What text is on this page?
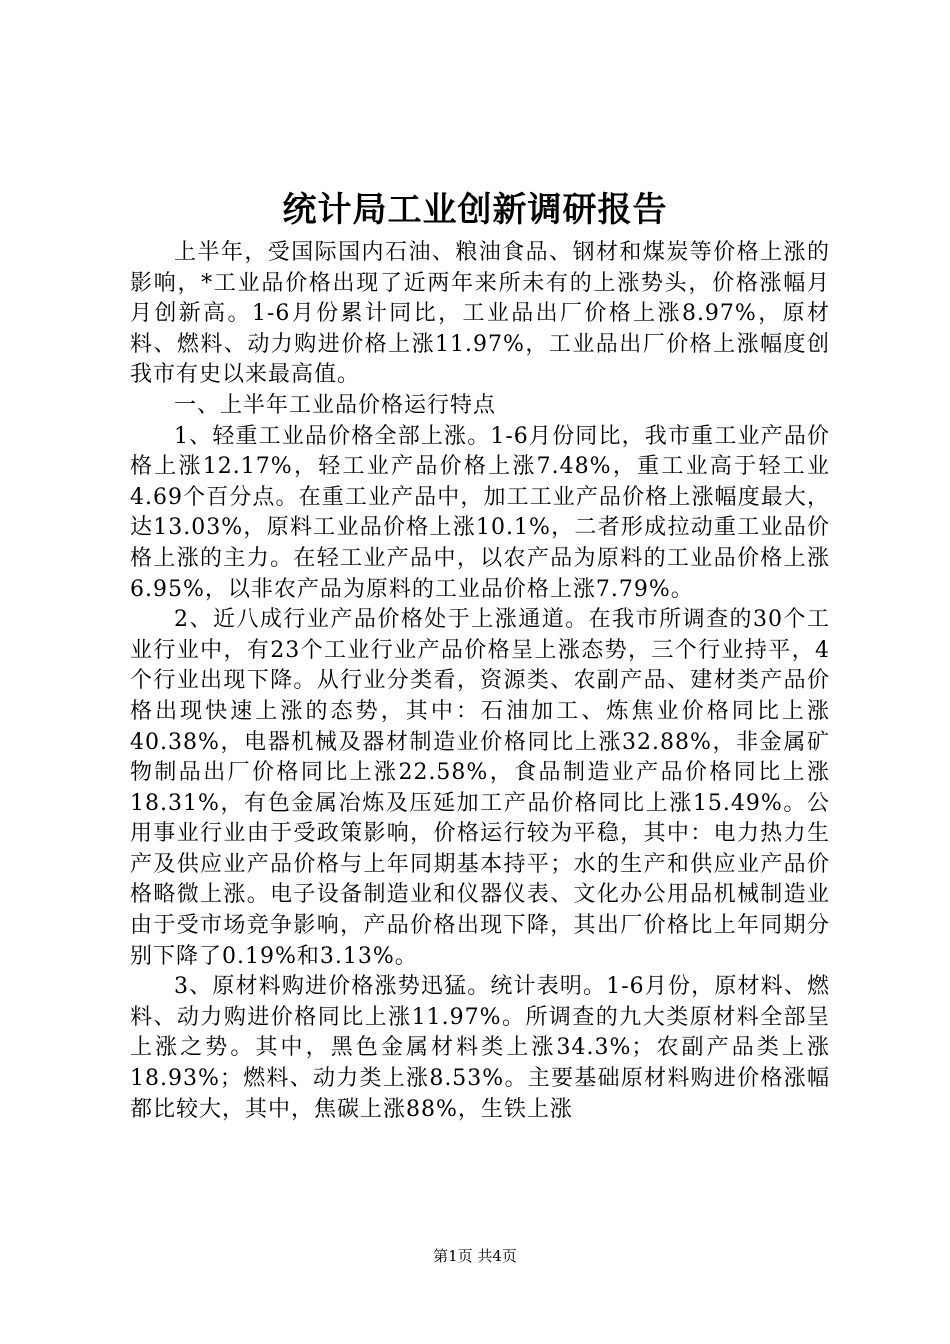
统计局工业创新调研报告

上半年，受国际国内石油、粮油食品、钢材和煤炭等价格上涨的影响，*工业品价格出现了近两年来所未有的上涨势头，价格涨幅月月创新高。1-6月份累计同比，工业品出厂价格上涨8.97%，原材料、燃料、动力购进价格上涨11.97%，工业品出厂价格上涨幅度创我市有史以来最高值。

一、上半年工业品价格运行特点

1、轻重工业品价格全部上涨。1-6月份同比，我市重工业产品价格上涨12.17%，轻工业产品价格上涨7.48%，重工业高于轻工业4.69个百分点。在重工业产品中，加工工业产品价格上涨幅度最大，达13.03%，原料工业品价格上涨10.1%，二者形成拉动重工业品价格上涨的主力。在轻工业产品中，以农产品为原料的工业品价格上涨6.95%，以非农产品为原料的工业品价格上涨7.79%。

2、近八成行业产品价格处于上涨通道。在我市所调查的30个工业行业中，有23个工业行业产品价格呈上涨态势，三个行业持平，4个行业出现下降。从行业分类看，资源类、农副产品、建材类产品价格出现快速上涨的态势，其中：石油加工、炼焦业价格同比上涨40.38%，电器机械及器材制造业价格同比上涨32.88%，非金属矿物制品出厂价格同比上涨22.58%，食品制造业产品价格同比上涨18.31%，有色金属冶炼及压延加工产品价格同比上涨15.49%。公用事业行业由于受政策影响，价格运行较为平稳，其中：电力热力生产及供应业产品价格与上年同期基本持平；水的生产和供应业产品价格略微上涨。电子设备制造业和仪器仪表、文化办公用品机械制造业由于受市场竞争影响，产品价格出现下降，其出厂价格比上年同期分别下降了0.19%和3.13%。

3、原材料购进价格涨势迅猛。统计表明。1-6月份，原材料、燃料、动力购进价格同比上涨11.97%。所调查的九大类原材料全部呈上涨之势。其中，黑色金属材料类上涨34.3%；农副产品类上涨18.93%；燃料、动力类上涨8.53%。主要基础原材料购进价格涨幅都比较大，其中，焦碳上涨88%，生铁上涨

第1页 共4页
